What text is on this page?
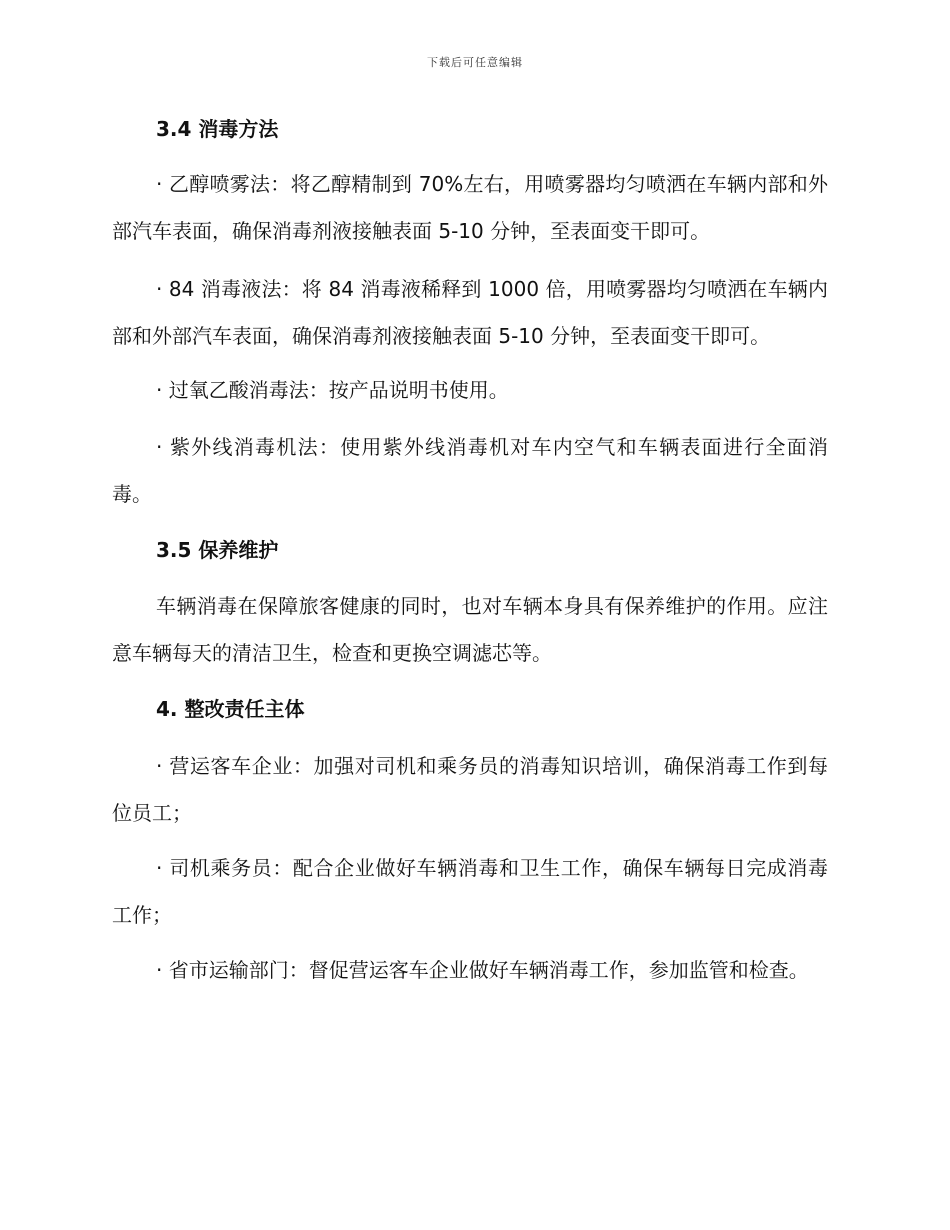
下载后可任意编辑
3.4 消毒方法
· 乙醇喷雾法：将乙醇精制到 70%左右，用喷雾器均匀喷洒在车辆内部和外部汽车表面，确保消毒剂液接触表面 5-10 分钟，至表面变干即可。
· 84 消毒液法：将 84 消毒液稀释到 1000 倍，用喷雾器均匀喷洒在车辆内部和外部汽车表面，确保消毒剂液接触表面 5-10 分钟，至表面变干即可。
· 过氧乙酸消毒法：按产品说明书使用。
· 紫外线消毒机法：使用紫外线消毒机对车内空气和车辆表面进行全面消毒。
3.5 保养维护
车辆消毒在保障旅客健康的同时，也对车辆本身具有保养维护的作用。应注意车辆每天的清洁卫生，检查和更换空调滤芯等。
4. 整改责任主体
· 营运客车企业：加强对司机和乘务员的消毒知识培训，确保消毒工作到每位员工；
· 司机乘务员：配合企业做好车辆消毒和卫生工作，确保车辆每日完成消毒工作；
· 省市运输部门：督促营运客车企业做好车辆消毒工作，参加监管和检查。
